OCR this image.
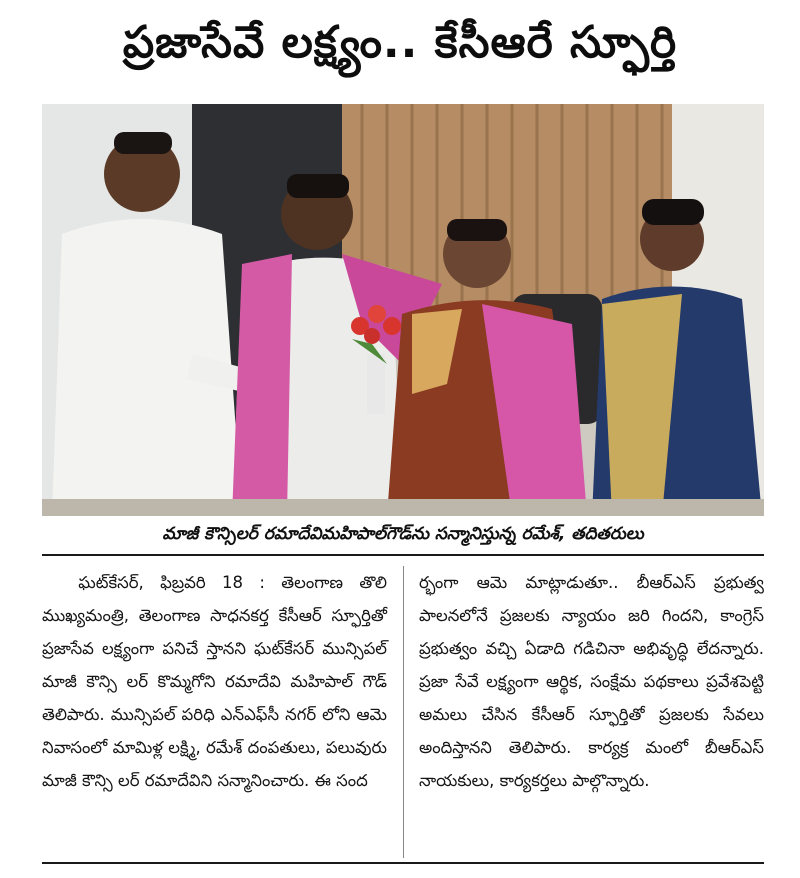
ప్రజాసేవే లక్ష్యం.. కేసీఆరే స్ఫూర్తి
మాజీ కౌన్సిలర్ రమాదేవిమహిపాల్‌గౌడ్‌ను సన్మానిస్తున్న రమేశ్, తదితరులు

ఘట్‌కేసర్, ఫిబ్రవరి 18 : తెలంగాణ తొలి ముఖ్యమంత్రి, తెలంగాణ సాధనకర్త కేసీఆర్ స్ఫూర్తితో ప్రజాసేవ లక్ష్యంగా పనిచే స్తానని ఘట్‌కేసర్ మున్సిపల్ మాజీ కౌన్సి లర్ కొమ్మగోని రమాదేవి మహిపాల్ గౌడ్ తెలిపారు. మున్సిపల్ పరిధి ఎన్‌ఎఫ్‌సీ నగర్ లోని ఆమె నివాసంలో మామిళ్ల లక్ష్మి, రమేశ్ దంపతులు, పలువురు మాజీ కౌన్సి లర్ రమాదేవిని సన్మానించారు. ఈ సంద

ర్భంగా ఆమె మాట్లాడుతూ.. బీఆర్‌ఎస్ ప్రభుత్వ పాలనలోనే ప్రజలకు న్యాయం జరి గిందని, కాంగ్రెస్ ప్రభుత్వం వచ్చి ఏడాది గడిచినా అభివృద్ధి లేదన్నారు. ప్రజా సేవే లక్ష్యంగా ఆర్థిక, సంక్షేమ పథకాలు ప్రవేశపెట్టి అమలు చేసిన కేసీఆర్ స్ఫూర్తితో ప్రజలకు సేవలు అందిస్తానని తెలిపారు. కార్యక్ర మంలో బీఆర్‌ఎస్ నాయకులు, కార్యకర్తలు పాల్గొన్నారు.
